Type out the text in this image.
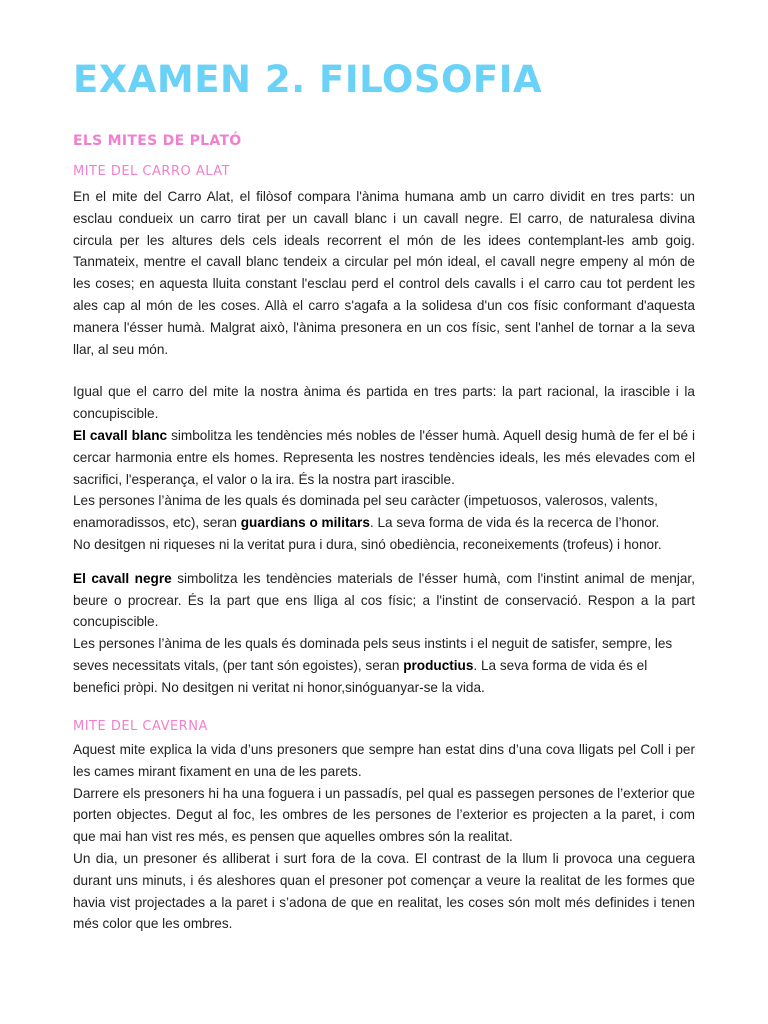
EXAMEN 2. FILOSOFIA
ELS MITES DE PLATÓ
MITE DEL CARRO ALAT

En el mite del Carro Alat, el filòsof compara l'ànima humana amb un carro dividit en tres parts: un esclau condueix un carro tirat per un cavall blanc i un cavall negre. El carro, de naturalesa divina circula per les altures dels cels ideals recorrent el món de les idees contemplant-les amb goig. Tanmateix, mentre el cavall blanc tendeix a circular pel món ideal, el cavall negre empeny al món de les coses; en aquesta lluita constant l'esclau perd el control dels cavalls i el carro cau tot perdent les ales cap al món de les coses. Allà el carro s'agafa a la solidesa d'un cos físic conformant d'aquesta manera l'ésser humà. Malgrat això, l'ànima presonera en un cos físic, sent l'anhel de tornar a la seva llar, al seu món.

Igual que el carro del mite la nostra ànima és partida en tres parts: la part racional, la irascible i la concupiscible.

El cavall blanc simbolitza les tendències més nobles de l'ésser humà. Aquell desig humà de fer el bé i cercar harmonia entre els homes. Representa les nostres tendències ideals, les més elevades com el sacrifici, l'esperança, el valor o la ira. És la nostra part irascible.

Les persones l’ànima de les quals és dominada pel seu caràcter (impetuosos, valerosos, valents, enamoradissos, etc), seran guardians o militars. La seva forma de vida és la recerca de l’honor.

No desitgen ni riqueses ni la veritat pura i dura, sinó obediència, reconeixements (trofeus) i honor.

El cavall negre simbolitza les tendències materials de l'ésser humà, com l'instint animal de menjar, beure o procrear. És la part que ens lliga al cos físic; a l'instint de conservació. Respon a la part concupiscible.

Les persones l’ànima de les quals és dominada pels seus instints i el neguit de satisfer, sempre, les seves necessitats vitals, (per tant són egoistes), seran productius. La seva forma de vida és el benefici pròpi. No desitgen ni veritat ni honor,sinóguanyar-se la vida.

MITE DEL CAVERNA

Aquest mite explica la vida d’uns presoners que sempre han estat dins d’una cova lligats pel Coll i per les cames mirant fixament en una de les parets.

Darrere els presoners hi ha una foguera i un passadís, pel qual es passegen persones de l’exterior que porten objectes. Degut al foc, les ombres de les persones de l’exterior es projecten a la paret, i com que mai han vist res més, es pensen que aquelles ombres són la realitat.

Un dia, un presoner és alliberat i surt fora de la cova. El contrast de la llum li provoca una ceguera durant uns minuts, i és aleshores quan el presoner pot començar a veure la realitat de les formes que havia vist projectades a la paret i s’adona de que en realitat, les coses són molt més definides i tenen més color que les ombres.
